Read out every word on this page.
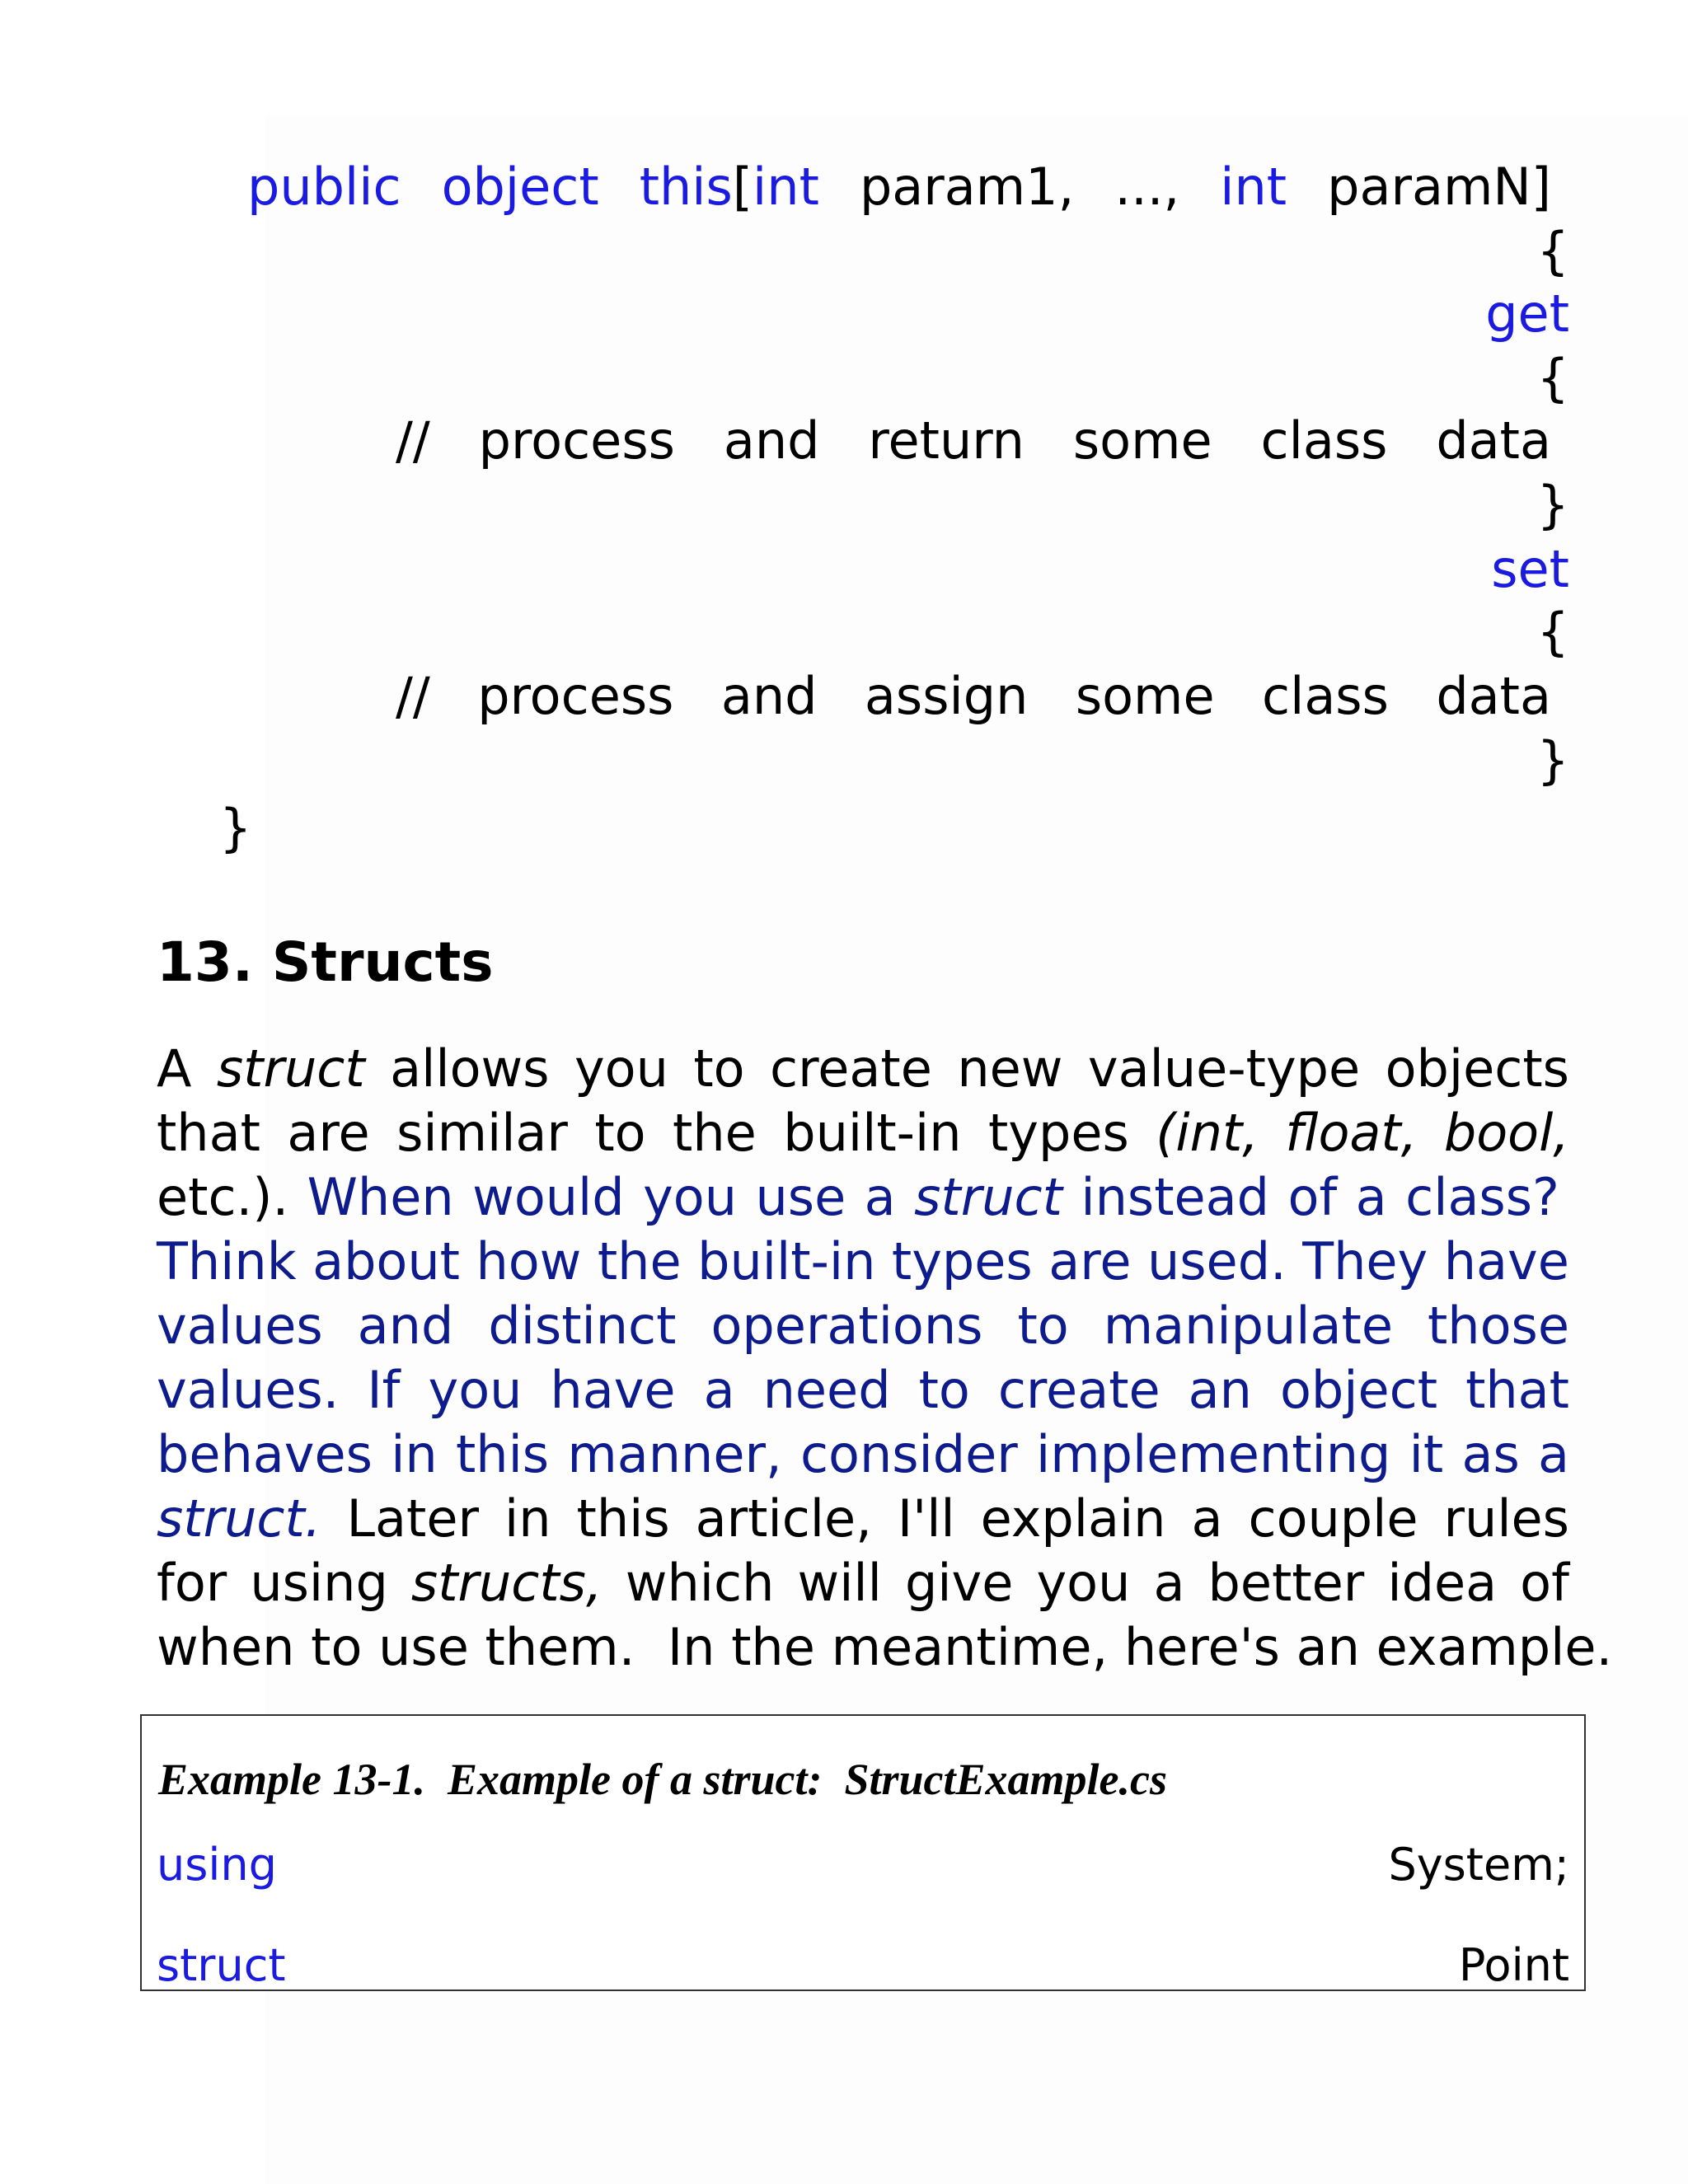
public object this[int param1, ..., int paramN]
{
get
{
// process and return some class data
}
set
{
// process and assign some class data
}
}
13. Structs
A struct allows you to create new value-type objects
that are similar to the built-in types (int, float, bool,
etc.). When would you use a struct instead of a class?
Think about how the built-in types are used. They have
values and distinct operations to manipulate those
values. If you have a need to create an object that
behaves in this manner, consider implementing it as a
struct. Later in this article, I'll explain a couple rules
for using structs, which will give you a better idea of
when to use them.  In the meantime, here's an example.
Example 13-1.  Example of a struct:  StructExample.cs
using	System;
struct	Point
